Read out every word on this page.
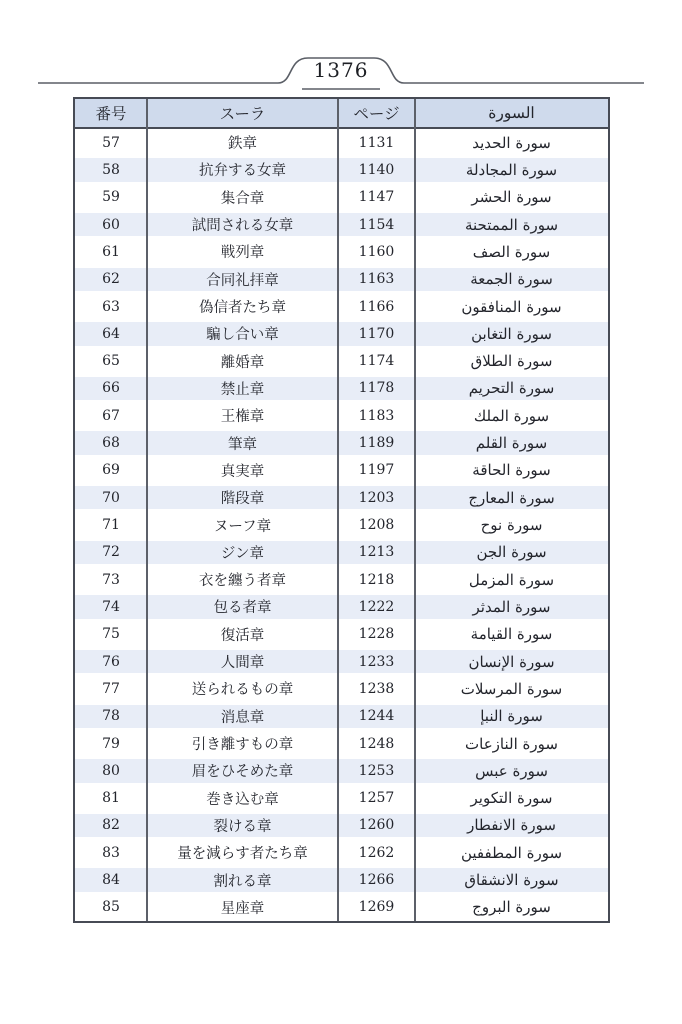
1376
番号	スーラ	ページ	السورة
57	鉄章	1131	سورة الحديد
58	抗弁する女章	1140	سورة المجادلة
59	集合章	1147	سورة الحشر
60	試問される女章	1154	سورة الممتحنة
61	戦列章	1160	سورة الصف
62	合同礼拝章	1163	سورة الجمعة
63	偽信者たち章	1166	سورة المنافقون
64	騙し合い章	1170	سورة التغابن
65	離婚章	1174	سورة الطلاق
66	禁止章	1178	سورة التحريم
67	王権章	1183	سورة الملك
68	筆章	1189	سورة القلم
69	真実章	1197	سورة الحاقة
70	階段章	1203	سورة المعارج
71	ヌーフ章	1208	سورة نوح
72	ジン章	1213	سورة الجن
73	衣を纏う者章	1218	سورة المزمل
74	包る者章	1222	سورة المدثر
75	復活章	1228	سورة القيامة
76	人間章	1233	سورة الإنسان
77	送られるもの章	1238	سورة المرسلات
78	消息章	1244	سورة النبإ
79	引き離すもの章	1248	سورة النازعات
80	眉をひそめた章	1253	سورة عبس
81	巻き込む章	1257	سورة التكوير
82	裂ける章	1260	سورة الانفطار
83	量を減らす者たち章	1262	سورة المطففين
84	割れる章	1266	سورة الانشقاق
85	星座章	1269	سورة البروج
